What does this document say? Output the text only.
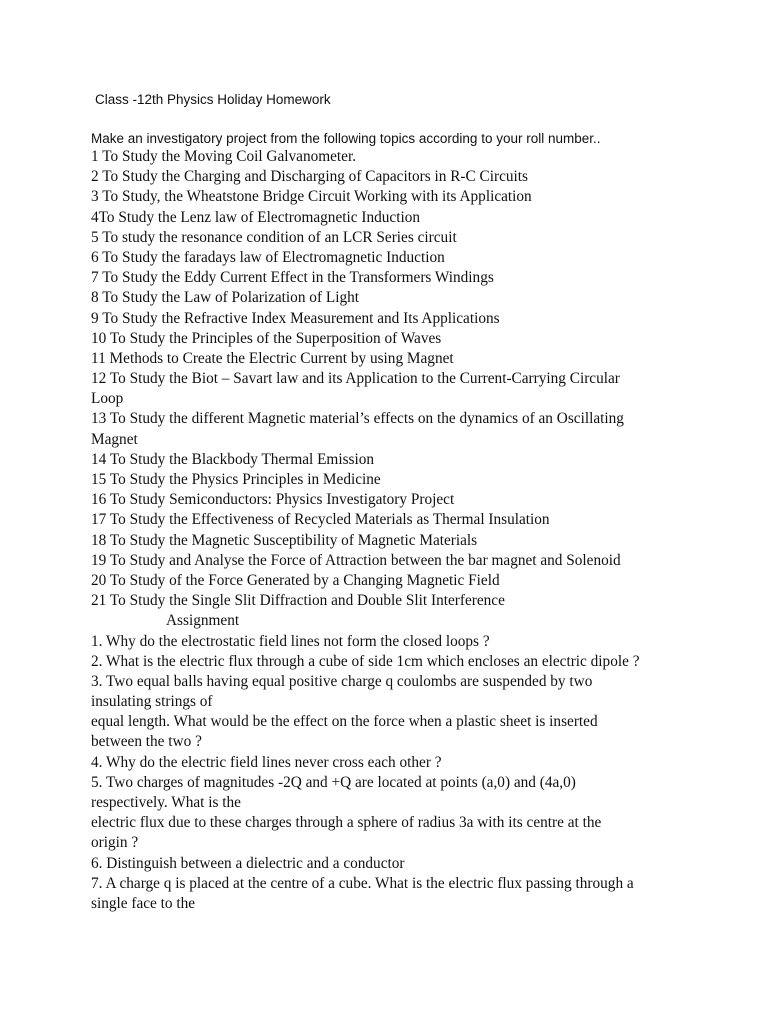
Class -12th Physics Holiday Homework
Make an investigatory project from the following topics according to your roll number..
1 To Study the Moving Coil Galvanometer.
2 To Study the Charging and Discharging of Capacitors in R-C Circuits
3 To Study, the Wheatstone Bridge Circuit Working with its Application
4To Study the Lenz law of Electromagnetic Induction
5 To study the resonance condition of an LCR Series circuit
6 To Study the faradays law of Electromagnetic Induction
7 To Study the Eddy Current Effect in the Transformers Windings
8 To Study the Law of Polarization of Light
9 To Study the Refractive Index Measurement and Its Applications
10 To Study the Principles of the Superposition of Waves
11 Methods to Create the Electric Current by using Magnet
12 To Study the Biot – Savart law and its Application to the Current-Carrying Circular
Loop
13 To Study the different Magnetic material’s effects on the dynamics of an Oscillating
Magnet
14 To Study the Blackbody Thermal Emission
15 To Study the Physics Principles in Medicine
16 To Study Semiconductors: Physics Investigatory Project
17 To Study the Effectiveness of Recycled Materials as Thermal Insulation
18 To Study the Magnetic Susceptibility of Magnetic Materials
19 To Study and Analyse the Force of Attraction between the bar magnet and Solenoid
20 To Study of the Force Generated by a Changing Magnetic Field
21 To Study the Single Slit Diffraction and Double Slit Interference
Assignment
1. Why do the electrostatic field lines not form the closed loops ?
2. What is the electric flux through a cube of side 1cm which encloses an electric dipole ?
3. Two equal balls having equal positive charge q coulombs are suspended by two
insulating strings of
equal length. What would be the effect on the force when a plastic sheet is inserted
between the two ?
4. Why do the electric field lines never cross each other ?
5. Two charges of magnitudes -2Q and +Q are located at points (a,0) and (4a,0)
respectively. What is the
electric flux due to these charges through a sphere of radius 3a with its centre at the
origin ?
6. Distinguish between a dielectric and a conductor
7. A charge q is placed at the centre of a cube. What is the electric flux passing through a
single face to the
